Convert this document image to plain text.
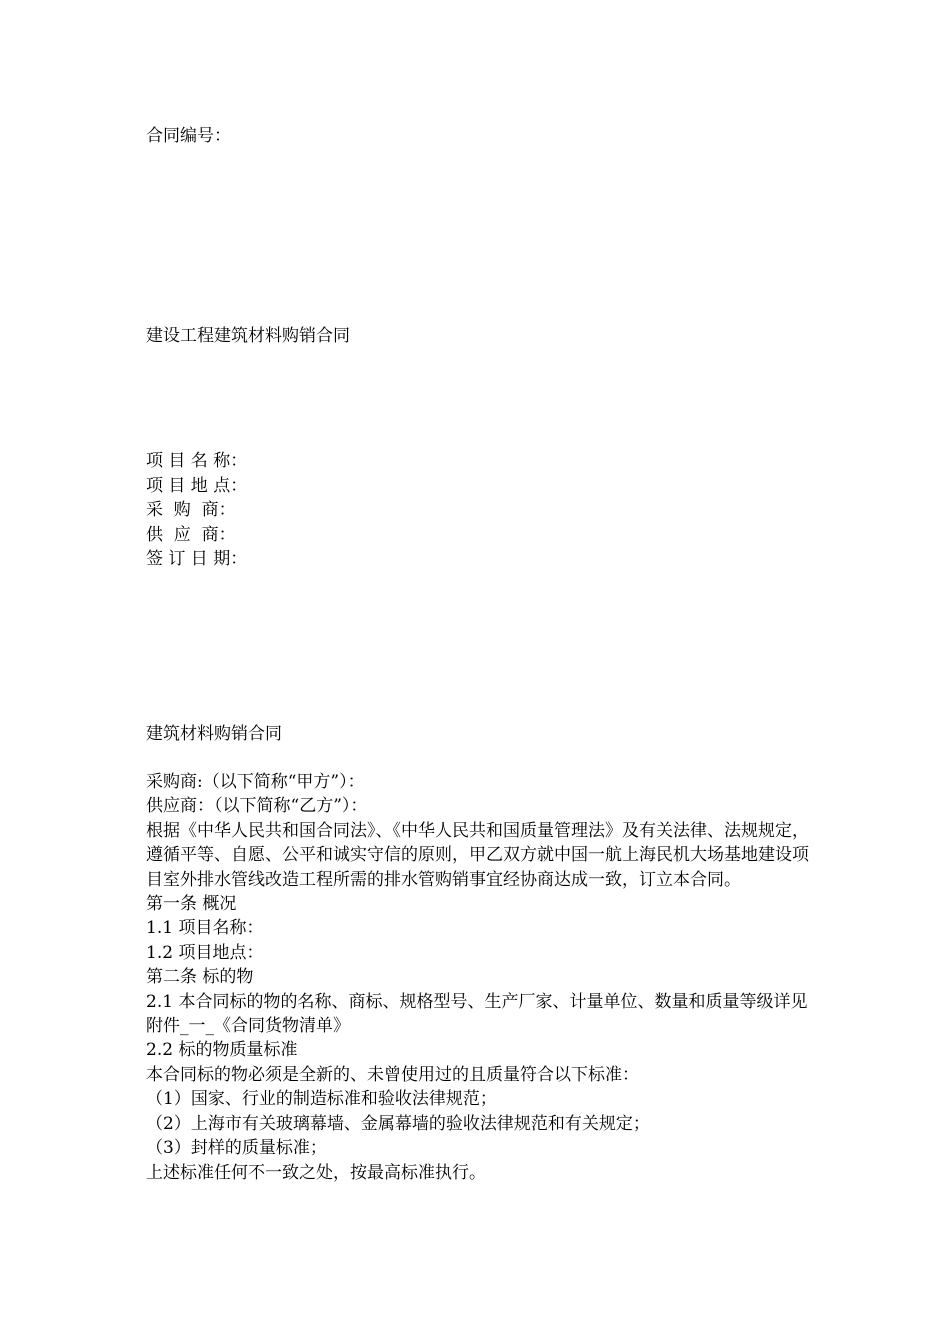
合同编号：
建设工程建筑材料购销合同
项 目 名 称：
项 目 地 点：
采  购  商：
供  应  商：
签 订 日 期：
建筑材料购销合同

采购商:（以下简称“甲方”）：

供应商：（以下简称“乙方”）：

根据《中华人民共和国合同法》、《中华人民共和国质量管理法》及有关法律、法规规定，遵循平等、自愿、公平和诚实守信的原则，甲乙双方就中国一航上海民机大场基地建设项目室外排水管线改造工程所需的排水管购销事宜经协商达成一致，订立本合同。

第一条 概况

1.1 项目名称：

1.2 项目地点：

第二条 标的物

2.1 本合同标的物的名称、商标、规格型号、生产厂家、计量单位、数量和质量等级详见附件_一_《合同货物清单》

2.2 标的物质量标准

本合同标的物必须是全新的、未曾使用过的且质量符合以下标准：

（1）国家、行业的制造标准和验收法律规范；

（2）上海市有关玻璃幕墙、金属幕墙的验收法律规范和有关规定；

（3）封样的质量标准；

上述标准任何不一致之处，按最高标准执行。
